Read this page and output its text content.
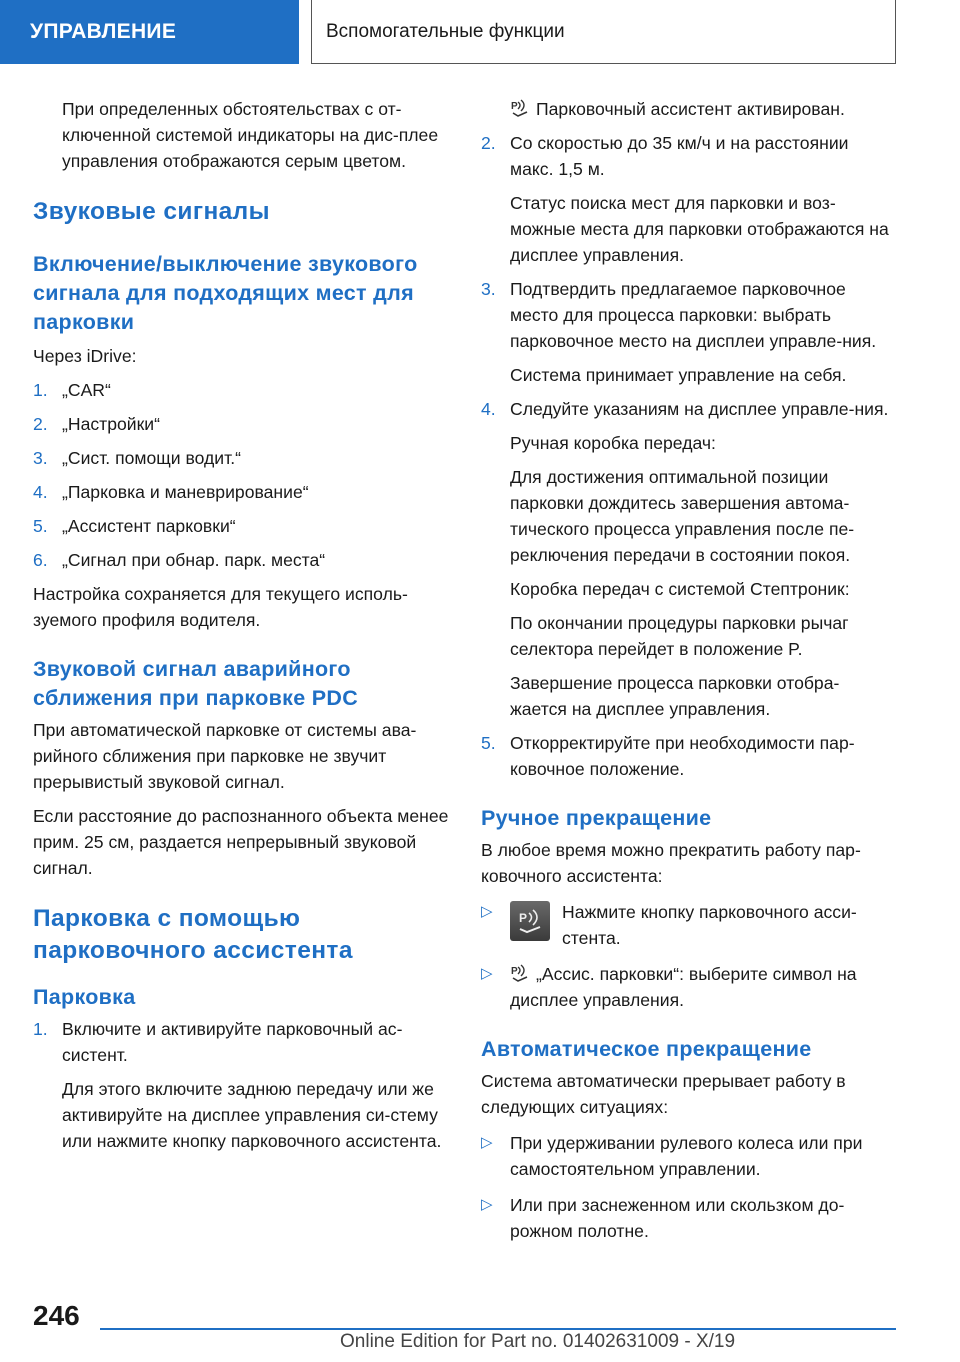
УПРАВЛЕНИЕ	Вспомогательные функции

При определенных обстоятельствах с от-ключенной системой индикаторы на дис-плее управления отображаются серым цветом.

Звуковые сигналы
Включение/выключение звукового сигнала для подходящих мест для парковки

Через iDrive:

1. „CAR“
2. „Настройки“
3. „Сист. помощи водит.“
4. „Парковка и маневрирование“
5. „Ассистент парковки“
6. „Сигнал при обнар. парк. места“

Настройка сохраняется для текущего исполь-зуемого профиля водителя.

Звуковой сигнал аварийного сближения при парковке PDC

При автоматической парковке от системы ава-рийного сближения при парковке не звучит прерывистый звуковой сигнал.

Если расстояние до распознанного объекта менее прим. 25 см, раздается непрерывный звуковой сигнал.

Парковка с помощью парковочного ассистента
Парковка
1. Включите и активируйте парковочный ас-систент.

Для этого включите заднюю передачу или же активируйте на дисплее управления си-стему или нажмите кнопку парковочного ассистента.

P Парковочный ассистент активирован.

2. Со скоростью до 35 км/ч и на расстоянии макс. 1,5 м.

Статус поиска мест для парковки и воз-можные места для парковки отображаются на дисплее управления.

3. Подтвердить предлагаемое парковочное место для процесса парковки: выбрать парковочное место на дисплеи управле-ния.

Система принимает управление на себя.

4. Следуйте указаниям на дисплее управле-ния.

Ручная коробка передач:

Для достижения оптимальной позиции парковки дождитесь завершения автома-тического процесса управления после пе-реключения передачи в состоянии покоя.

Коробка передач с системой Стептроник:

По окончании процедуры парковки рычаг селектора перейдет в положение P.

Завершение процесса парковки отобра-жается на дисплее управления.

5. Откорректируйте при необходимости пар-ковочное положение.
Ручное прекращение

В любое время можно прекратить работу пар-ковочного ассистента:

▷ P Нажмите кнопку парковочного асси-стента.
▷ P „Ассис. парковки“: выберите символ на дисплее управления.
Автоматическое прекращение

Система автоматически прерывает работу в следующих ситуациях:

▷ При удерживании рулевого колеса или при самостоятельном управлении.
▷ Или при заснеженном или скользком до-рожном полотне.
246
Online Edition for Part no. 01402631009 - X/19
